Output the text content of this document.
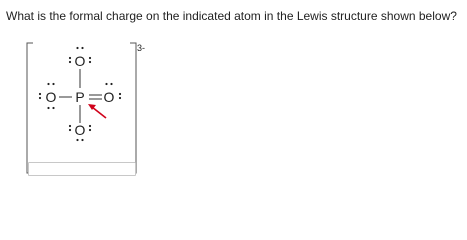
What is the formal charge on the indicated atom in the Lewis structure shown below?
3-
O
O P O
O
